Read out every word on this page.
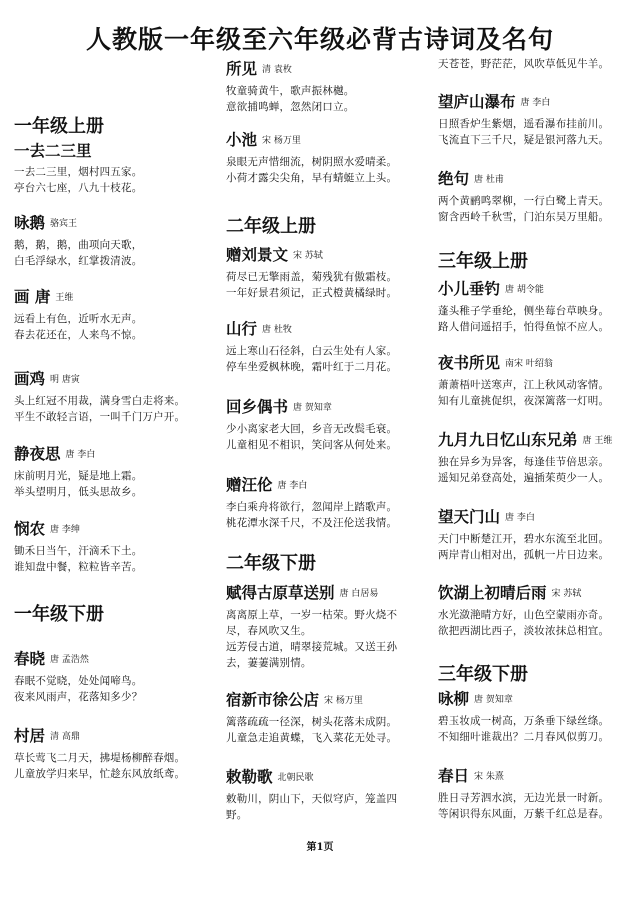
人教版一年级至六年级必背古诗词及名句
一年级上册
一去二三里
一去二三里，烟村四五家。
亭台六七座，八九十枝花。
咏鹅 骆宾王
鹅，鹅，鹅，曲项向天歌，
白毛浮绿水，红掌拨清波。
画 唐 王维
远看上有色，近听水无声。
春去花还在，人来鸟不惊。
画鸡 明 唐寅
头上红冠不用裁，满身雪白走将来。
平生不敢轻言语，一叫千门万户开。
静夜思 唐 李白
床前明月光，疑是地上霜。
举头望明月，低头思故乡。
悯农 唐 李绅
锄禾日当午，汗滴禾下土。
谁知盘中餐，粒粒皆辛苦。
一年级下册
春晓 唐 孟浩然
春眠不觉晓，处处闻啼鸟。
夜来风雨声，花落知多少？
村居 清 高鼎
草长莺飞二月天，拂堤杨柳醉春烟。
儿童放学归来早，忙趁东风放纸鸢。
所见 清 袁枚
牧童骑黄牛，歌声振林樾。
意欲捕鸣蝉，忽然闭口立。
小池 宋 杨万里
泉眼无声惜细流，树阴照水爱晴柔。
小荷才露尖尖角，早有蜻蜓立上头。
二年级上册
赠刘景文 宋 苏轼
荷尽已无擎雨盖，菊残犹有傲霜枝。
一年好景君须记，正式橙黄橘绿时。
山行 唐 杜牧
远上寒山石径斜，白云生处有人家。
停车坐爱枫林晚，霜叶红于二月花。
回乡偶书 唐 贺知章
少小离家老大回，乡音无改鬓毛衰。
儿童相见不相识，笑问客从何处来。
赠汪伦 唐 李白
李白乘舟将欲行，忽闻岸上踏歌声。
桃花潭水深千尺，不及汪伦送我情。
二年级下册
赋得古原草送别 唐 白居易
离离原上草，一岁一枯荣。野火烧不
尽，春风吹又生。
远芳侵古道，晴翠接荒城。又送王孙
去，萋萋满别情。
宿新市徐公店 宋 杨万里
篱落疏疏一径深，树头花落未成阴。
儿童急走追黄蝶，飞入菜花无处寻。
敕勒歌 北朝民歌
敕勒川，阴山下，天似穹庐，笼盖四
野。
天苍苍，野茫茫，风吹草低见牛羊。
望庐山瀑布 唐 李白
日照香炉生紫烟，遥看瀑布挂前川。
飞流直下三千尺，疑是银河落九天。
绝句 唐 杜甫
两个黄鹂鸣翠柳，一行白鹭上青天。
窗含西岭千秋雪，门泊东吴万里船。
三年级上册
小儿垂钓 唐 胡令能
蓬头稚子学垂纶，侧坐莓台草映身。
路人借问遥招手，怕得鱼惊不应人。
夜书所见 南宋 叶绍翁
萧萧梧叶送寒声，江上秋风动客情。
知有儿童挑促织，夜深篱落一灯明。
九月九日忆山东兄弟 唐 王维
独在异乡为异客，每逢佳节倍思亲。
遥知兄弟登高处，遍插茱萸少一人。
望天门山 唐 李白
天门中断楚江开，碧水东流至北回。
两岸青山相对出，孤帆一片日边来。
饮湖上初晴后雨 宋 苏轼
水光潋滟晴方好，山色空蒙雨亦奇。
欲把西湖比西子，淡妆浓抹总相宜。
三年级下册
咏柳 唐 贺知章
碧玉妆成一树高，万条垂下绿丝绦。
不知细叶谁裁出？二月春风似剪刀。
春日 宋 朱熹
胜日寻芳泗水滨，无边光景一时新。
等闲识得东风面，万紫千红总是春。
第1页
